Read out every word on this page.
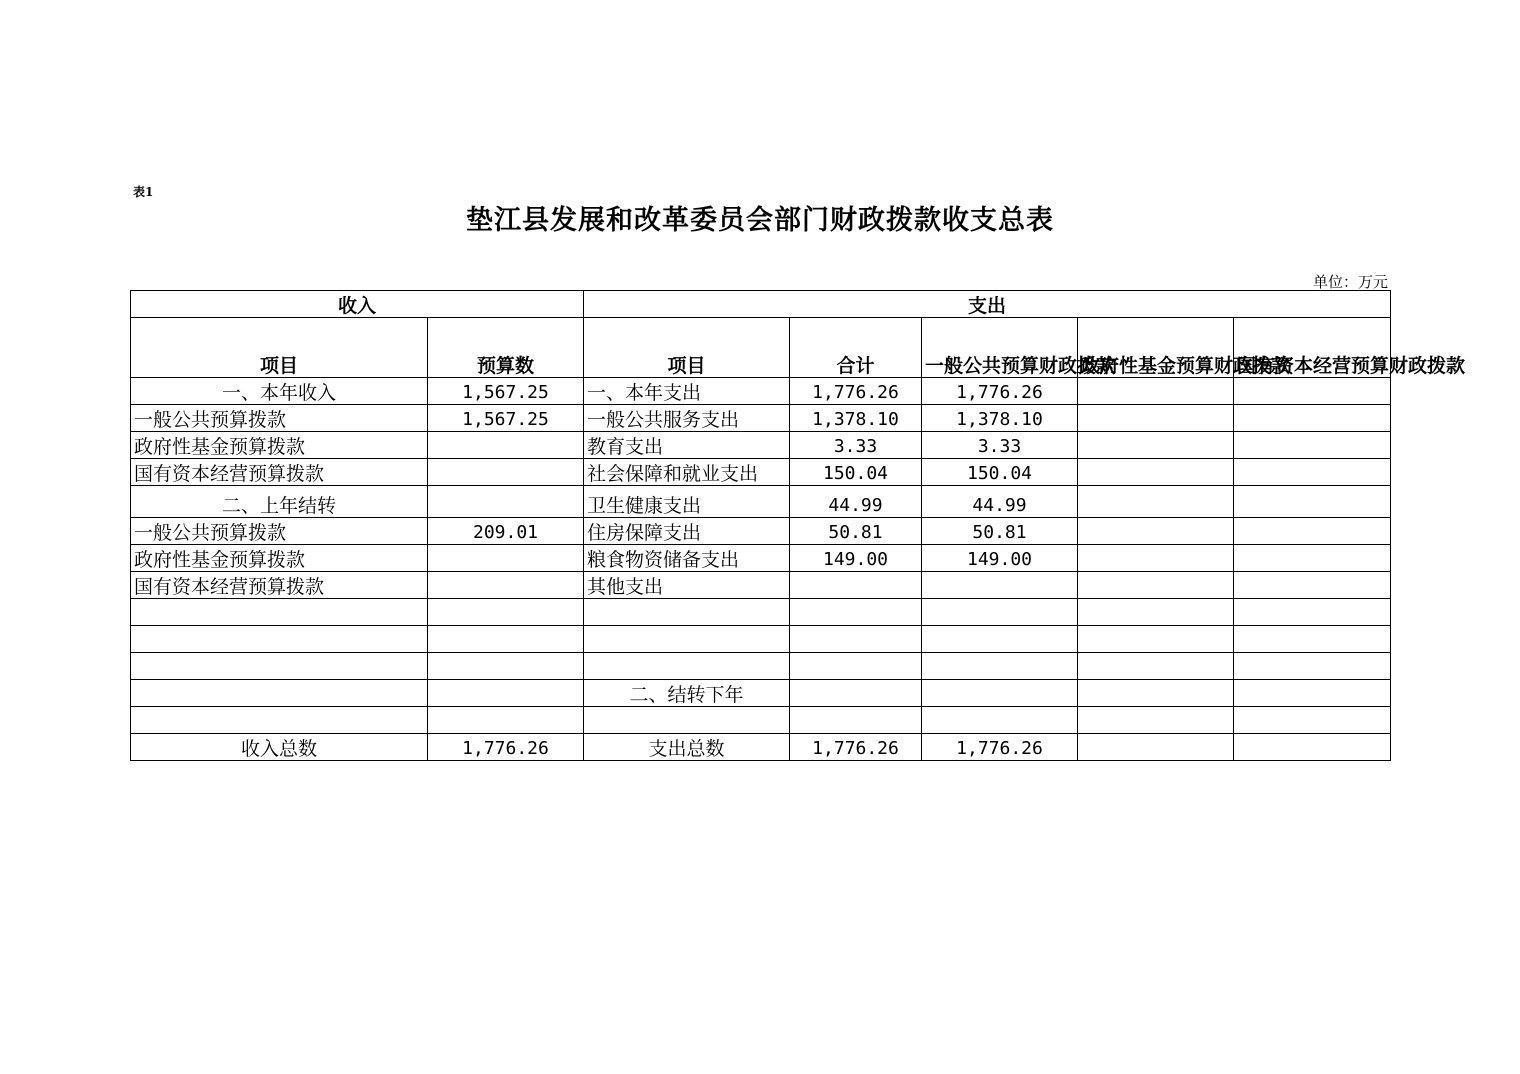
表1
垫江县发展和改革委员会部门财政拨款收支总表
单位：万元
收入		支出				
项目	预算数	项目	合计	一般公共预算财政拨款	政府性基金预算财政拨款	国有资本经营预算财政拨款
一、本年收入	1,567.25	一、本年支出	1,776.26	1,776.26		
一般公共预算拨款	1,567.25	一般公共服务支出	1,378.10	1,378.10		
政府性基金预算拨款		教育支出	3.33	3.33		
国有资本经营预算拨款		社会保障和就业支出	150.04	150.04		
二、上年结转		卫生健康支出	44.99	44.99		
一般公共预算拨款	209.01	住房保障支出	50.81	50.81		
政府性基金预算拨款		粮食物资储备支出	149.00	149.00		
国有资本经营预算拨款		其他支出				

		二、结转下年				

收入总数	1,776.26	支出总数	1,776.26	1,776.26		
